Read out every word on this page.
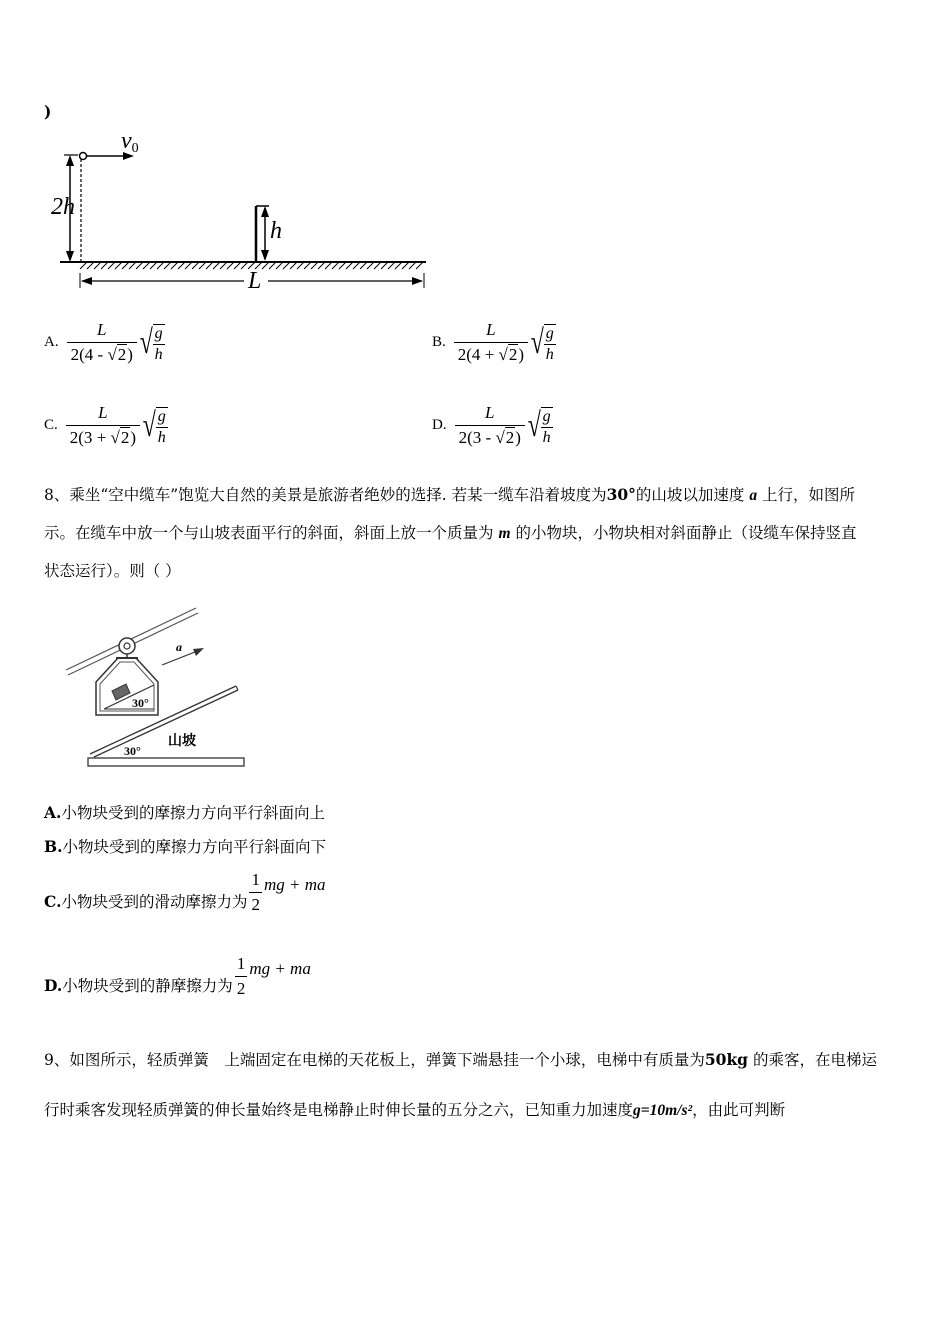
)
v0
2h
h
L
A. $\frac{L}{2(4 - √2)}$ √ g
h
B. $\frac{L}{2(4 + √2)}$ √ g
h
C. $\frac{L}{2(3 + √2)}$ √ g
h
D. $\frac{L}{2(3 - √2)}$ √ g
h
8、乘坐“空中缆车”饱览大自然的美景是旅游者绝妙的选择. 若某一缆车沿着坡度为30°的山坡以加速度 a 上行，如图所
示。在缆车中放一个与山坡表面平行的斜面，斜面上放一个质量为 m 的小物块，小物块相对斜面静止（设缆车保持竖直
状态运行）。则（ ）
a
30°
30°
山坡
A.小物块受到的摩擦力方向平行斜面向上
B.小物块受到的摩擦力方向平行斜面向下
C.小物块受到的滑动摩擦力为
1
2
mg + ma
D.小物块受到的静摩擦力为
1
2
mg + ma
9、如图所示，轻质弹簧　上端固定在电梯的天花板上，弹簧下端悬挂一个小球，电梯中有质量为50kg 的乘客，在电梯运
行时乘客发现轻质弹簧的伸长量始终是电梯静止时伸长量的五分之六，已知重力加速度g=10m/s²，由此可判断
